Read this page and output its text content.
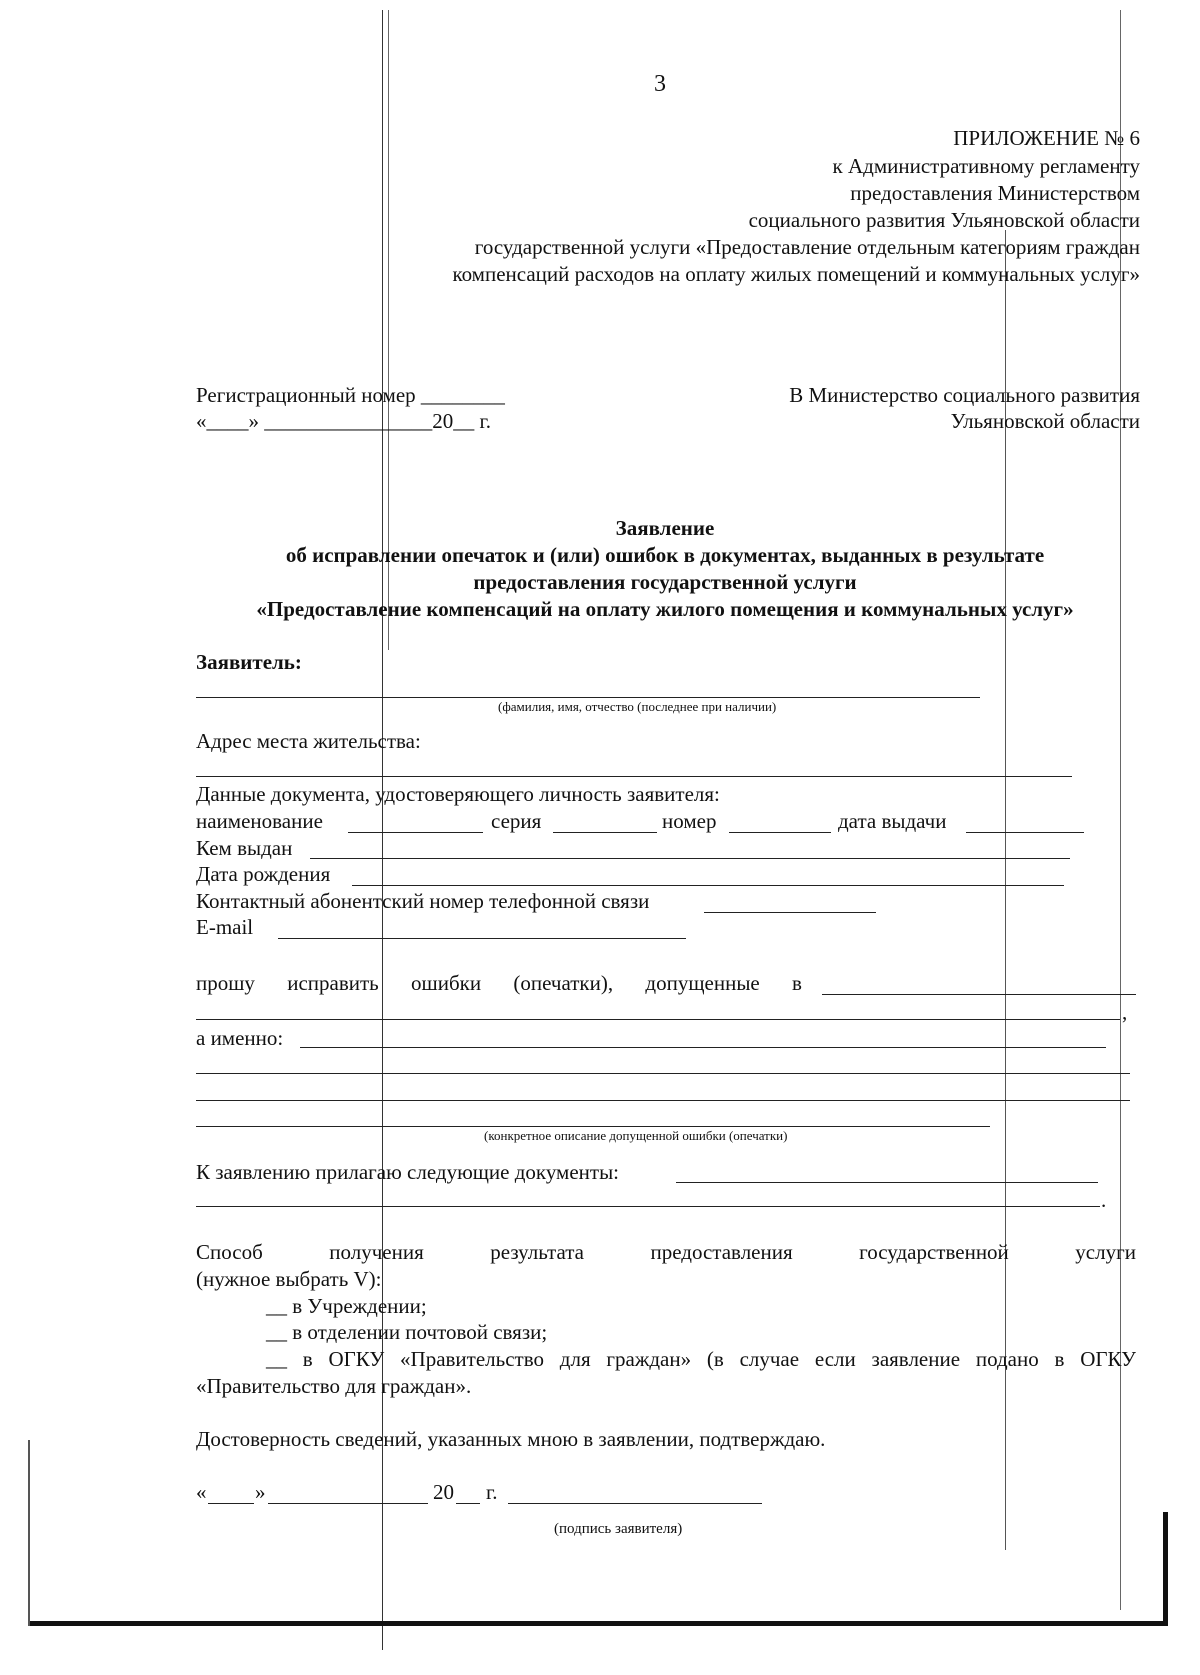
3
ПРИЛОЖЕНИЕ № 6
к Административному регламенту
предоставления Министерством
социального развития Ульяновской области
государственной услуги «Предоставление отдельным категориям граждан
компенсаций расходов на оплату жилых помещений и коммунальных услуг»
Регистрационный номер ________
«____» ________________20__ г.
В Министерство социального развития
Ульяновской области
Заявление
об исправлении опечаток и (или) ошибок в документах, выданных в результате
предоставления государственной услуги
«Предоставление компенсаций на оплату жилого помещения и коммунальных услуг»
Заявитель:
(фамилия, имя, отчество (последнее при наличии)
Адрес места жительства:
Данные документа, удостоверяющего личность заявителя:
наименование	серия	номер	дата выдачи
Кем выдан
Дата рождения
Контактный абонентский номер телефонной связи
E-mail
прошу исправить ошибки (опечатки), допущенные в
,
а именно:
(конкретное описание допущенной ошибки (опечатки)
К заявлению прилагаю следующие документы:
.
Способ	получения	результата	предоставления	государственной	услуги
(нужное выбрать V):
__ в Учреждении;
__ в отделении почтовой связи;
__ в ОГКУ «Правительство для граждан» (в случае если заявление подано в ОГКУ
«Правительство для граждан».
Достоверность сведений, указанных мною в заявлении, подтверждаю.
« »	20 г.
(подпись заявителя)
